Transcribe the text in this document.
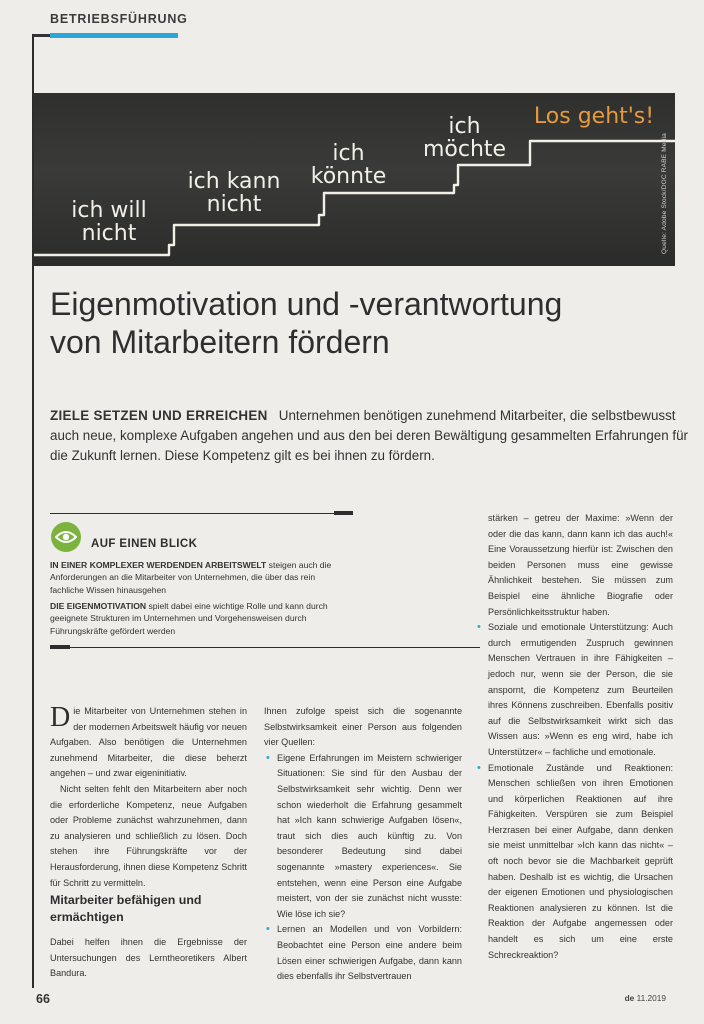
BETRIEBSFÜHRUNG
ich will
nicht
ich kann
nicht
ich
könnte
ich
möchte
Los geht's!
Quelle: Adobe Stock/DOC RABE Media
Eigenmotivation und -verantwortung
von Mitarbeitern fördern

ZIELE SETZEN UND ERREICHEN Unternehmen benötigen zunehmend Mitarbeiter, die selbstbewusst auch neue, komplexe Aufgaben angehen und aus den bei deren Bewältigung gesammelten Erfahrungen für die Zukunft lernen. Diese Kompetenz gilt es bei ihnen zu fördern.

AUF EINEN BLICK

IN EINER KOMPLEXER WERDENDEN ARBEITSWELT steigen auch die Anforderungen an die Mitarbeiter von Unternehmen, die über das rein fachliche Wissen hinausgehen

DIE EIGENMOTIVATION spielt dabei eine wichtige Rolle und kann durch geeignete Strukturen im Unternehmen und Vorgehensweisen durch Führungskräfte gefördert werden

Die Mitarbeiter von Unternehmen stehen in der modernen Arbeitswelt häufig vor neuen Aufgaben. Also benötigen die Unternehmen zunehmend Mitarbeiter, die diese beherzt angehen – und zwar eigeninitiativ.

Nicht selten fehlt den Mitarbeitern aber noch die erforderliche Kompetenz, neue Aufgaben oder Probleme zunächst wahrzunehmen, dann zu analysieren und schließlich zu lösen. Doch stehen ihre Führungskräfte vor der Herausforderung, ihnen diese Kompetenz Schritt für Schritt zu vermitteln.

Mitarbeiter befähigen und ermächtigen

Dabei helfen ihnen die Ergebnisse der Untersuchungen des Lerntheoretikers Albert Bandura.

Ihnen zufolge speist sich die sogenannte Selbstwirksamkeit einer Person aus folgenden vier Quellen:

• Eigene Erfahrungen im Meistern schwieriger Situationen: Sie sind für den Ausbau der Selbstwirksamkeit sehr wichtig. Denn wer schon wiederholt die Erfahrung gesammelt hat »Ich kann schwierige Aufgaben lösen«, traut sich dies auch künftig zu. Von besonderer Bedeutung sind dabei sogenannte »mastery experiences«. Sie entstehen, wenn eine Person eine Aufgabe meistert, von der sie zunächst nicht wusste: Wie löse ich sie?
• Lernen an Modellen und von Vorbildern: Beobachtet eine Person eine andere beim Lösen einer schwierigen Aufgabe, dann kann dies ebenfalls ihr Selbstvertrauen

stärken – getreu der Maxime: »Wenn der oder die das kann, dann kann ich das auch!« Eine Voraussetzung hierfür ist: Zwischen den beiden Personen muss eine gewisse Ähnlichkeit bestehen. Sie müssen zum Beispiel eine ähnliche Biografie oder Persönlichkeitsstruktur haben.

• Soziale und emotionale Unterstützung: Auch durch ermutigenden Zuspruch gewinnen Menschen Vertrauen in ihre Fähigkeiten – jedoch nur, wenn sie der Person, die sie anspornt, die Kompetenz zum Beurteilen ihres Könnens zuschreiben. Ebenfalls positiv auf die Selbstwirksamkeit wirkt sich das Wissen aus: »Wenn es eng wird, habe ich Unterstützer« – fachliche und emotionale.
• Emotionale Zustände und Reaktionen: Menschen schließen von ihren Emotionen und körperlichen Reaktionen auf ihre Fähigkeiten. Verspüren sie zum Beispiel Herzrasen bei einer Aufgabe, dann denken sie meist unmittelbar »Ich kann das nicht« – oft noch bevor sie die Machbarkeit geprüft haben. Deshalb ist es wichtig, die Ursachen der eigenen Emotionen und physiologischen Reaktionen analysieren zu können. Ist die Reaktion der Aufgabe angemessen oder handelt es sich um eine erste Schreckreaktion?
66	de 11.2019
